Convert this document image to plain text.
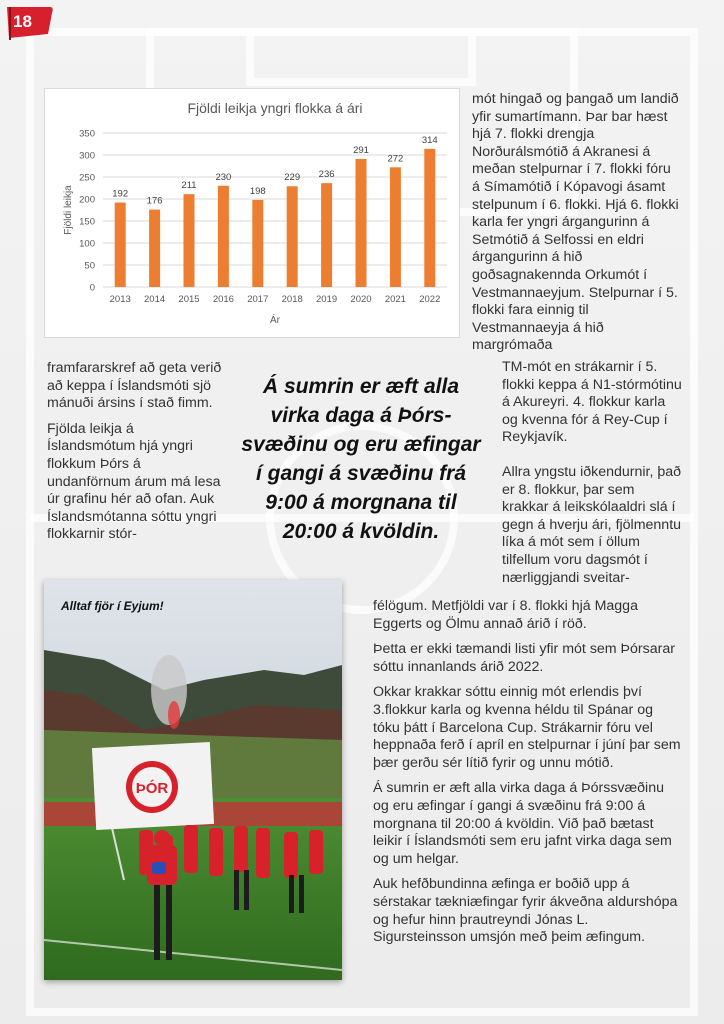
18
Fjöldi leikja yngri flokka á ári
0
50
100
150
200
250
300
350
192
2013
176
2014
211
2015
230
2016
198
2017
229
2018
236
2019
291
2020
272
2021
314
2022
Ár
Fjöldi leikja

mót hingað og þangað um landið yfir sumartímann. Þar bar hæst hjá 7. flokki drengja Norðurálsmótið á Akranesi á meðan stelpurnar í 7. flokki fóru á Símamótið í Kópavogi ásamt stelpunum í 6. flokki. Hjá 6. flokki karla fer yngri árgangurinn á Setmótið á Selfossi en eldri árgangurinn á hið goðsagnakennda Orkumót í Vestmannaeyjum. Stelpurnar í 5. flokki fara einnig til Vestmannaeyja á hið margrómaða

TM-mót en strákarnir í 5. flokki keppa á N1-stórmótinu á Akureyri. 4. flokkur karla og kvenna fór á Rey-Cup í Reykjavík.

Allra yngstu iðkendurnir, það er 8. flokkur, þar sem krakkar á leikskólaaldri slá í gegn á hverju ári, fjölmenntu líka á mót sem í öllum tilfellum voru dagsmót í nærliggjandi sveitar-

framfararskref að geta verið að keppa í Íslandsmóti sjö mánuði ársins í stað fimm.

Fjölda leikja á Íslandsmótum hjá yngri flokkum Þórs á undanförnum árum má lesa úr grafinu hér að ofan. Auk Íslandsmótanna sóttu yngri flokkarnir stór-

Á sumrin er æft alla virka daga á Þórs-svæðinu og eru æfingar í gangi á svæðinu frá 9:00 á morgnana til 20:00 á kvöldin.
ÞÓR
Alltaf fjör í Eyjum!	félögum. Metfjöldi var í 8. flokki hjá Magga Eggerts og Ölmu annað árið í röð.

Þetta er ekki tæmandi listi yfir mót sem Þórsarar sóttu innanlands árið 2022.

Okkar krakkar sóttu einnig mót erlendis því 3.flokkur karla og kvenna héldu til Spánar og tóku þátt í Barcelona Cup. Strákarnir fóru vel heppnaða ferð í apríl en stelpurnar í júní þar sem þær gerðu sér lítið fyrir og unnu mótið.

Á sumrin er æft alla virka daga á Þórssvæðinu og eru æfingar í gangi á svæðinu frá 9:00 á morgnana til 20:00 á kvöldin. Við það bætast leikir í Íslandsmóti sem eru jafnt virka daga sem og um helgar.

Auk hefðbundinna æfinga er boðið upp á sérstakar tækniæfingar fyrir ákveðna aldurshópa og hefur hinn þrautreyndi Jónas L. Sigursteinsson umsjón með þeim æfingum.
